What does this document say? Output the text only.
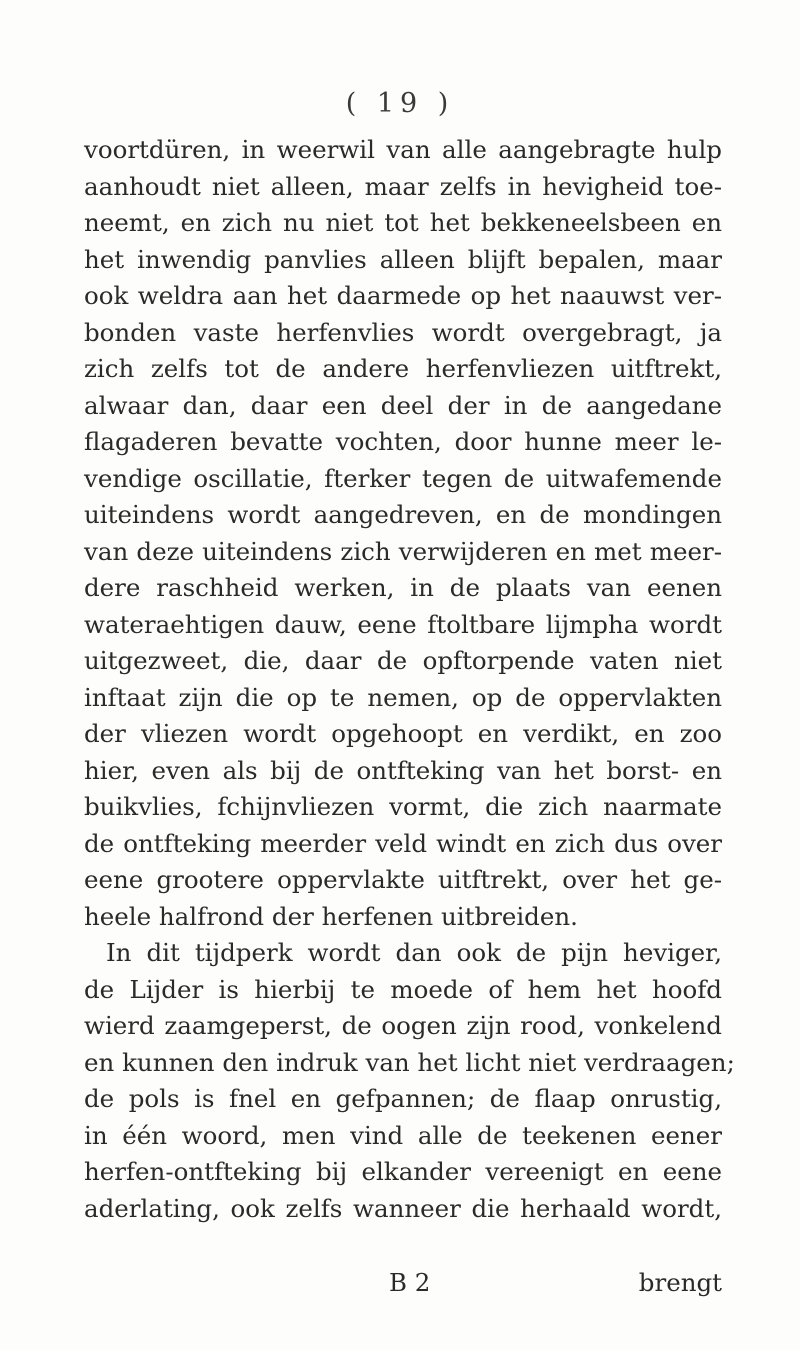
( 19 )
voortdüren, in weerwil van alle aangebragte hulp
aanhoudt niet alleen, maar zelfs in hevigheid toe-
neemt, en zich nu niet tot het bekkeneelsbeen en
het inwendig panvlies alleen blijft bepalen, maar
ook weldra aan het daarmede op het naauwst ver-
bonden vaste herfenvlies wordt overgebragt, ja
zich zelfs tot de andere herfenvliezen uitftrekt,
alwaar dan, daar een deel der in de aangedane
flagaderen bevatte vochten, door hunne meer le-
vendige oscillatie, fterker tegen de uitwafemende
uiteindens wordt aangedreven, en de mondingen
van deze uiteindens zich verwijderen en met meer-
dere raschheid werken, in de plaats van eenen
wateraehtigen dauw, eene ftoltbare lijmpha wordt
uitgezweet, die, daar de opftorpende vaten niet
inftaat zijn die op te nemen, op de oppervlakten
der vliezen wordt opgehoopt en verdikt, en zoo
hier, even als bij de ontfteking van het borst- en
buikvlies, fchijnvliezen vormt, die zich naarmate
de ontfteking meerder veld windt en zich dus over
eene grootere oppervlakte uitftrekt, over het ge-
heele halfrond der herfenen uitbreiden.
In dit tijdperk wordt dan ook de pijn heviger,
de Lijder is hierbij te moede of hem het hoofd
wierd zaamgeperst, de oogen zijn rood, vonkelend
en kunnen den indruk van het licht niet verdraagen;
de pols is fnel en gefpannen; de flaap onrustig,
in één woord, men vind alle de teekenen eener
herfen-ontfteking bij elkander vereenigt en eene
aderlating, ook zelfs wanneer die herhaald wordt,
B 2	brengt
